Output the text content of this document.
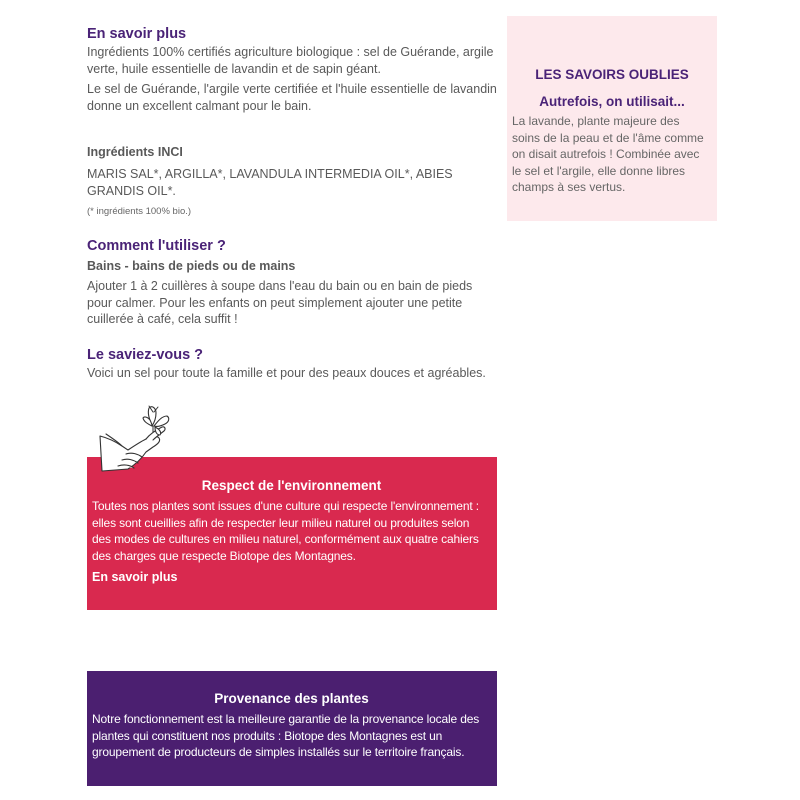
En savoir plus

Ingrédients 100% certifiés agriculture biologique : sel de Guérande, argile verte, huile essentielle de lavandin et de sapin géant.

Le sel de Guérande, l'argile verte certifiée et l'huile essentielle de lavandin donne un excellent calmant pour le bain.

Ingrédients INCI

MARIS SAL*, ARGILLA*, LAVANDULA INTERMEDIA OIL*, ABIES GRANDIS OIL*.

(* ingrédients 100% bio.)

Comment l'utiliser ?
Bains - bains de pieds ou de mains

Ajouter 1 à 2 cuillères à soupe dans l'eau du bain ou en bain de pieds pour calmer. Pour les enfants on peut simplement ajouter une petite cuillerée à café, cela suffit !

Le saviez-vous ?

Voici un sel pour toute la famille et pour des peaux douces et agréables.

Respect de l'environnement

Toutes nos plantes sont issues d'une culture qui respecte l'environnement : elles sont cueillies afin de respecter leur milieu naturel ou produites selon des modes de cultures en milieu naturel, conformément aux quatre cahiers des charges que respecte Biotope des Montagnes.

En savoir plus
Provenance des plantes

Notre fonctionnement est la meilleure garantie de la provenance locale des plantes qui constituent nos produits : Biotope des Montagnes est un groupement de producteurs de simples installés sur le territoire français.

LES SAVOIRS OUBLIES
Autrefois, on utilisait...

La lavande, plante majeure des soins de la peau et de l'âme comme on disait autrefois ! Combinée avec le sel et l'argile, elle donne libres champs à ses vertus.
